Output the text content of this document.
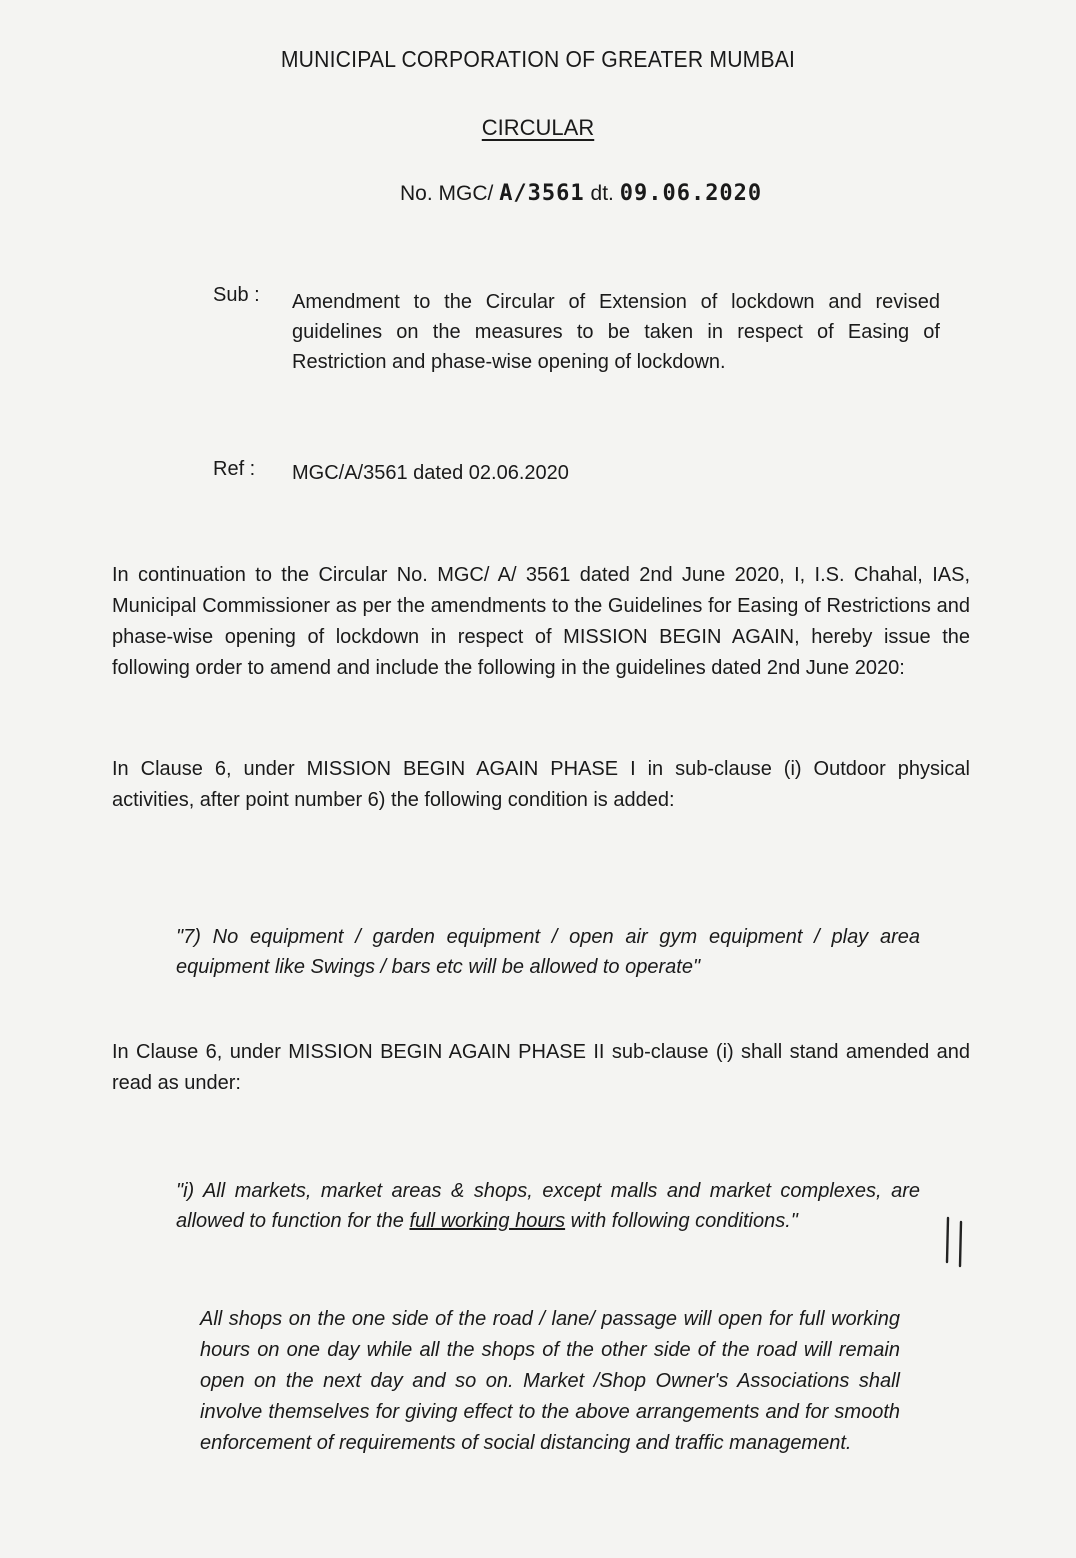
MUNICIPAL CORPORATION OF GREATER MUMBAI

CIRCULAR

No. MGC/ A/3561 dt. 09.06.2020

Sub : Amendment to the Circular of Extension of lockdown and revised guidelines on the measures to be taken in respect of Easing of Restriction and phase-wise opening of lockdown.

Ref : MGC/A/3561 dated 02.06.2020

In continuation to the Circular No. MGC/ A/ 3561 dated 2nd June 2020, I, I.S. Chahal, IAS, Municipal Commissioner as per the amendments to the Guidelines for Easing of Restrictions and phase-wise opening of lockdown in respect of MISSION BEGIN AGAIN, hereby issue the following order to amend and include the following in the guidelines dated 2nd June 2020:

In Clause 6, under MISSION BEGIN AGAIN PHASE I in sub-clause (i) Outdoor physical activities, after point number 6) the following condition is added:

"7) No equipment / garden equipment / open air gym equipment / play area equipment like Swings / bars etc will be allowed to operate"

In Clause 6, under MISSION BEGIN AGAIN PHASE II sub-clause (i) shall stand amended and read as under:

"i) All markets, market areas & shops, except malls and market complexes, are allowed to function for the full working hours with following conditions."

All shops on the one side of the road / lane/ passage will open for full working hours on one day while all the shops of the other side of the road will remain open on the next day and so on. Market /Shop Owner's Associations shall involve themselves for giving effect to the above arrangements and for smooth enforcement of requirements of social distancing and traffic management.
